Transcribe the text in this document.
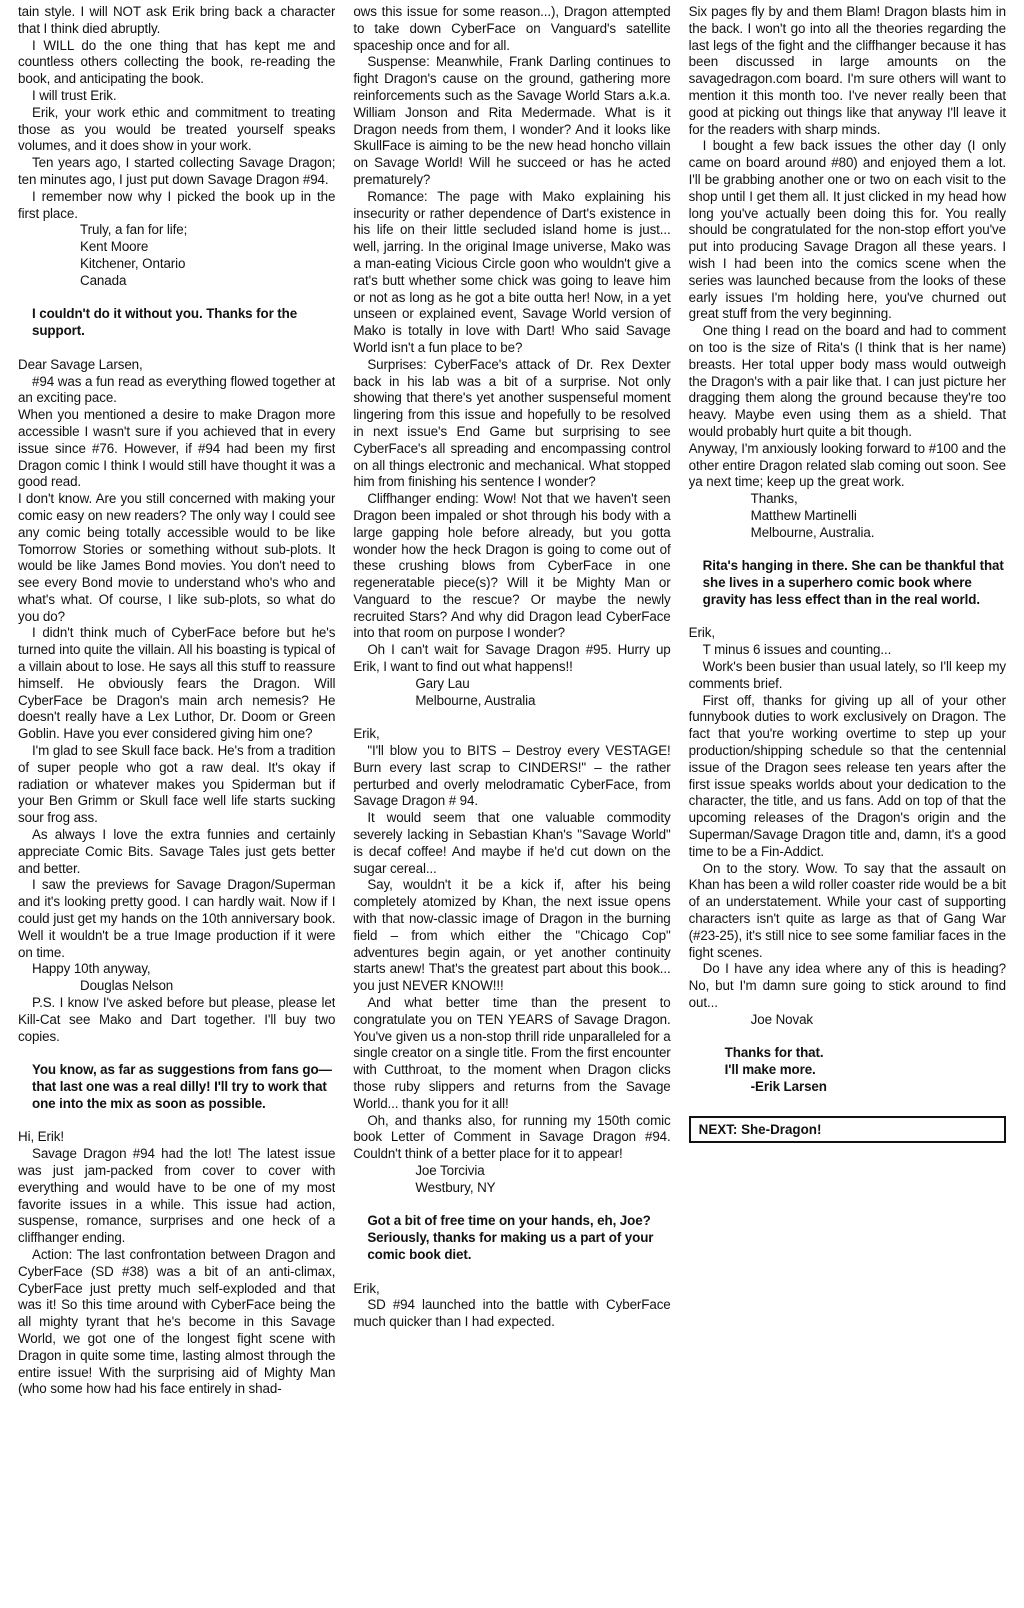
tain style. I will NOT ask Erik bring back a character that I think died abruptly.

I WILL do the one thing that has kept me and countless others collecting the book, re-reading the book, and anticipating the book.

I will trust Erik.

Erik, your work ethic and commitment to treating those as you would be treated yourself speaks volumes, and it does show in your work.

Ten years ago, I started collecting Savage Dragon; ten minutes ago, I just put down Savage Dragon #94.

I remember now why I picked the book up in the first place.

Truly, a fan for life;

Kent Moore

Kitchener, Ontario

Canada

I couldn't do it without you. Thanks for the support.

Dear Savage Larsen,

#94 was a fun read as everything flowed together at an exciting pace.

When you mentioned a desire to make Dragon more accessible I wasn't sure if you achieved that in every issue since #76. However, if #94 had been my first Dragon comic I think I would still have thought it was a good read.

I don't know. Are you still concerned with making your comic easy on new readers? The only way I could see any comic being totally accessible would to be like Tomorrow Stories or something without sub-plots. It would be like James Bond movies. You don't need to see every Bond movie to understand who's who and what's what. Of course, I like sub-plots, so what do you do?

I didn't think much of CyberFace before but he's turned into quite the villain. All his boasting is typical of a villain about to lose. He says all this stuff to reassure himself. He obviously fears the Dragon. Will CyberFace be Dragon's main arch nemesis? He doesn't really have a Lex Luthor, Dr. Doom or Green Goblin. Have you ever considered giving him one?

I'm glad to see Skull face back. He's from a tradition of super people who got a raw deal. It's okay if radiation or whatever makes you Spiderman but if your Ben Grimm or Skull face well life starts sucking sour frog ass.

As always I love the extra funnies and certainly appreciate Comic Bits. Savage Tales just gets better and better.

I saw the previews for Savage Dragon/Superman and it's looking pretty good. I can hardly wait. Now if I could just get my hands on the 10th anniversary book. Well it wouldn't be a true Image production if it were on time.

Happy 10th anyway,

Douglas Nelson

P.S. I know I've asked before but please, please let Kill-Cat see Mako and Dart together. I'll buy two copies.

You know, as far as suggestions from fans go—that last one was a real dilly! I'll try to work that one into the mix as soon as possible.

Hi, Erik!

Savage Dragon #94 had the lot! The latest issue was just jam-packed from cover to cover with everything and would have to be one of my most favorite issues in a while. This issue had action, suspense, romance, surprises and one heck of a cliffhanger ending.

Action: The last confrontation between Dragon and CyberFace (SD #38) was a bit of an anti-climax, CyberFace just pretty much self-exploded and that was it! So this time around with CyberFace being the all mighty tyrant that he's become in this Savage World, we got one of the longest fight scene with Dragon in quite some time, lasting almost through the entire issue! With the surprising aid of Mighty Man (who some how had his face entirely in shad-

ows this issue for some reason...), Dragon attempted to take down CyberFace on Vanguard's satellite spaceship once and for all.

Suspense: Meanwhile, Frank Darling continues to fight Dragon's cause on the ground, gathering more reinforcements such as the Savage World Stars a.k.a. William Jonson and Rita Medermade. What is it Dragon needs from them, I wonder? And it looks like SkullFace is aiming to be the new head honcho villain on Savage World! Will he succeed or has he acted prematurely?

Romance: The page with Mako explaining his insecurity or rather dependence of Dart's existence in his life on their little secluded island home is just... well, jarring. In the original Image universe, Mako was a man-eating Vicious Circle goon who wouldn't give a rat's butt whether some chick was going to leave him or not as long as he got a bite outta her! Now, in a yet unseen or explained event, Savage World version of Mako is totally in love with Dart! Who said Savage World isn't a fun place to be?

Surprises: CyberFace's attack of Dr. Rex Dexter back in his lab was a bit of a surprise. Not only showing that there's yet another suspenseful moment lingering from this issue and hopefully to be resolved in next issue's End Game but surprising to see CyberFace's all spreading and encompassing control on all things electronic and mechanical. What stopped him from finishing his sentence I wonder?

Cliffhanger ending: Wow! Not that we haven't seen Dragon been impaled or shot through his body with a large gapping hole before already, but you gotta wonder how the heck Dragon is going to come out of these crushing blows from CyberFace in one regeneratable piece(s)? Will it be Mighty Man or Vanguard to the rescue? Or maybe the newly recruited Stars? And why did Dragon lead CyberFace into that room on purpose I wonder?

Oh I can't wait for Savage Dragon #95. Hurry up Erik, I want to find out what happens!!

Gary Lau

Melbourne, Australia

Erik,

"I'll blow you to BITS – Destroy every VESTAGE! Burn every last scrap to CINDERS!" – the rather perturbed and overly melodramatic CyberFace, from Savage Dragon # 94.

It would seem that one valuable commodity severely lacking in Sebastian Khan's "Savage World" is decaf coffee! And maybe if he'd cut down on the sugar cereal...

Say, wouldn't it be a kick if, after his being completely atomized by Khan, the next issue opens with that now-classic image of Dragon in the burning field – from which either the "Chicago Cop" adventures begin again, or yet another continuity starts anew! That's the greatest part about this book... you just NEVER KNOW!!!

And what better time than the present to congratulate you on TEN YEARS of Savage Dragon. You've given us a non-stop thrill ride unparalleled for a single creator on a single title. From the first encounter with Cutthroat, to the moment when Dragon clicks those ruby slippers and returns from the Savage World... thank you for it all!

Oh, and thanks also, for running my 150th comic book Letter of Comment in Savage Dragon #94. Couldn't think of a better place for it to appear!

Joe Torcivia

Westbury, NY

Got a bit of free time on your hands, eh, Joe? Seriously, thanks for making us a part of your comic book diet.

Erik,

SD #94 launched into the battle with CyberFace much quicker than I had expected.

Six pages fly by and them Blam! Dragon blasts him in the back. I won't go into all the theories regarding the last legs of the fight and the cliffhanger because it has been discussed in large amounts on the savagedragon.com board. I'm sure others will want to mention it this month too. I've never really been that good at picking out things like that anyway I'll leave it for the readers with sharp minds.

I bought a few back issues the other day (I only came on board around #80) and enjoyed them a lot. I'll be grabbing another one or two on each visit to the shop until I get them all. It just clicked in my head how long you've actually been doing this for. You really should be congratulated for the non-stop effort you've put into producing Savage Dragon all these years. I wish I had been into the comics scene when the series was launched because from the looks of these early issues I'm holding here, you've churned out great stuff from the very beginning.

One thing I read on the board and had to comment on too is the size of Rita's (I think that is her name) breasts. Her total upper body mass would outweigh the Dragon's with a pair like that. I can just picture her dragging them along the ground because they're too heavy. Maybe even using them as a shield. That would probably hurt quite a bit though.

Anyway, I'm anxiously looking forward to #100 and the other entire Dragon related slab coming out soon. See ya next time; keep up the great work.

Thanks,

Matthew Martinelli

Melbourne, Australia.

Rita's hanging in there. She can be thankful that she lives in a superhero comic book where gravity has less effect than in the real world.

Erik,

T minus 6 issues and counting...

Work's been busier than usual lately, so I'll keep my comments brief.

First off, thanks for giving up all of your other funnybook duties to work exclusively on Dragon. The fact that you're working overtime to step up your production/shipping schedule so that the centennial issue of the Dragon sees release ten years after the first issue speaks worlds about your dedication to the character, the title, and us fans. Add on top of that the upcoming releases of the Dragon's origin and the Superman/Savage Dragon title and, damn, it's a good time to be a Fin-Addict.

On to the story. Wow. To say that the assault on Khan has been a wild roller coaster ride would be a bit of an understatement. While your cast of supporting characters isn't quite as large as that of Gang War (#23-25), it's still nice to see some familiar faces in the fight scenes.

Do I have any idea where any of this is heading? No, but I'm damn sure going to stick around to find out...

Joe Novak

Thanks for that.

I'll make more.

-Erik Larsen

NEXT: She-Dragon!
